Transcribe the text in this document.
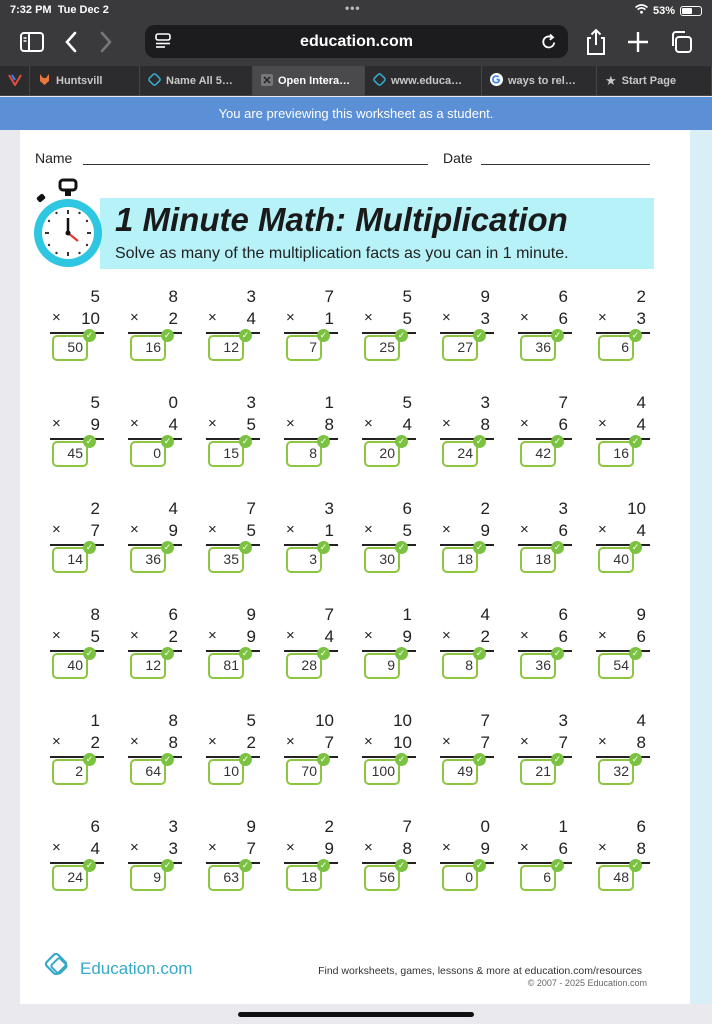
7:32 PM Tue Dec 2	•••	53%
education.com
Huntsvill	Name All 5…	Open Intera…	www.educa…	ways to rel… ★ Start Page
You are previewing this worksheet as a student.
Name	Date
1 Minute Math: Multiplication
Solve as many of the multiplication facts as you can in 1 minute.
5
× 10
50
✓
8
× 2
16
✓
3
× 4
12
✓
7
× 1
7
✓
5
× 5
25
✓
9
× 3
27
✓
6
× 6
36
✓
2
× 3
6
✓
5
× 9
45
✓
0
× 4
0
✓
3
× 5
15
✓
1
× 8
8
✓
5
× 4
20
✓
3
× 8
24
✓
7
× 6
42
✓
4
× 4
16
✓
2
× 7
14
✓
4
× 9
36
✓
7
× 5
35
✓
3
× 1
3
✓
6
× 5
30
✓
2
× 9
18
✓
3
× 6
18
✓
10
× 4
40
✓
8
× 5
40
✓
6
× 2
12
✓
9
× 9
81
✓
7
× 4
28
✓
1
× 9
9
✓
4
× 2
8
✓
6
× 6
36
✓
9
× 6
54
✓
1
× 2
2
✓
8
× 8
64
✓
5
× 2
10
✓
10
× 7
70
✓
10
× 10
100
✓
7
× 7
49
✓
3
× 7
21
✓
4
× 8
32
✓
6
× 4
24
✓
3
× 3
9
✓
9
× 7
63
✓
2
× 9
18
✓
7
× 8
56
✓
0
× 9
0
✓
1
× 6
6
✓
6
× 8
48
✓
Education.com	Find worksheets, games, lessons & more at education.com/resources
© 2007 - 2025 Education.com
